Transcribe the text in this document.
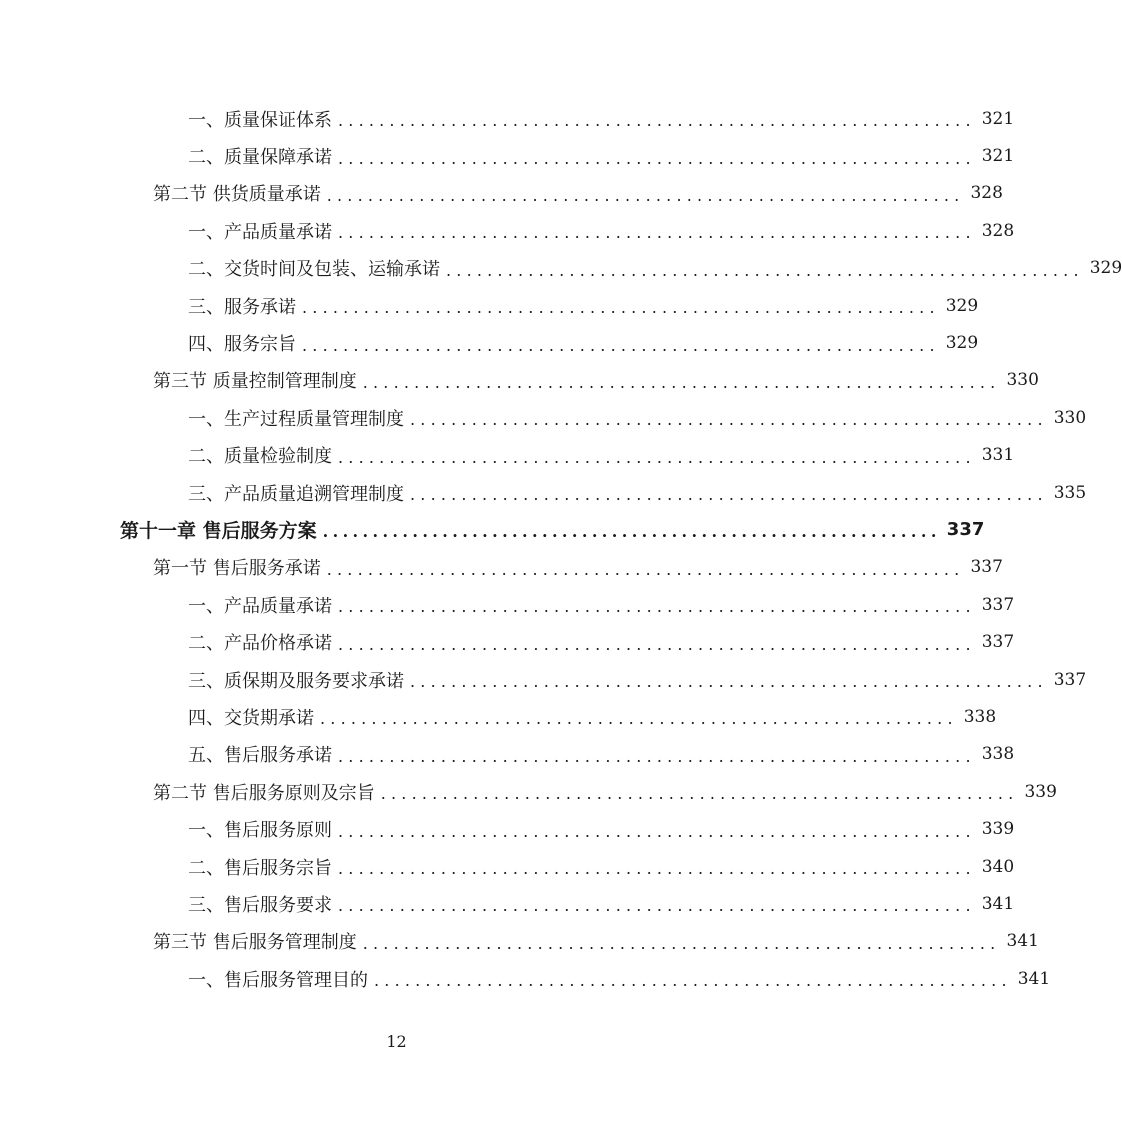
一、质量保证体系 .............................................................. 321
二、质量保障承诺 .............................................................. 321
第二节 供货质量承诺 .............................................................. 328
一、产品质量承诺 .............................................................. 328
二、交货时间及包装、运输承诺 .............................................................. 329
三、服务承诺 .............................................................. 329
四、服务宗旨 .............................................................. 329
第三节 质量控制管理制度 .............................................................. 330
一、生产过程质量管理制度 .............................................................. 330
二、质量检验制度 .............................................................. 331
三、产品质量追溯管理制度 .............................................................. 335
第十一章 售后服务方案 .............................................................. 337
第一节 售后服务承诺 .............................................................. 337
一、产品质量承诺 .............................................................. 337
二、产品价格承诺 .............................................................. 337
三、质保期及服务要求承诺 .............................................................. 337
四、交货期承诺 .............................................................. 338
五、售后服务承诺 .............................................................. 338
第二节 售后服务原则及宗旨 .............................................................. 339
一、售后服务原则 .............................................................. 339
二、售后服务宗旨 .............................................................. 340
三、售后服务要求 .............................................................. 341
第三节 售后服务管理制度 .............................................................. 341
一、售后服务管理目的 .............................................................. 341
12
